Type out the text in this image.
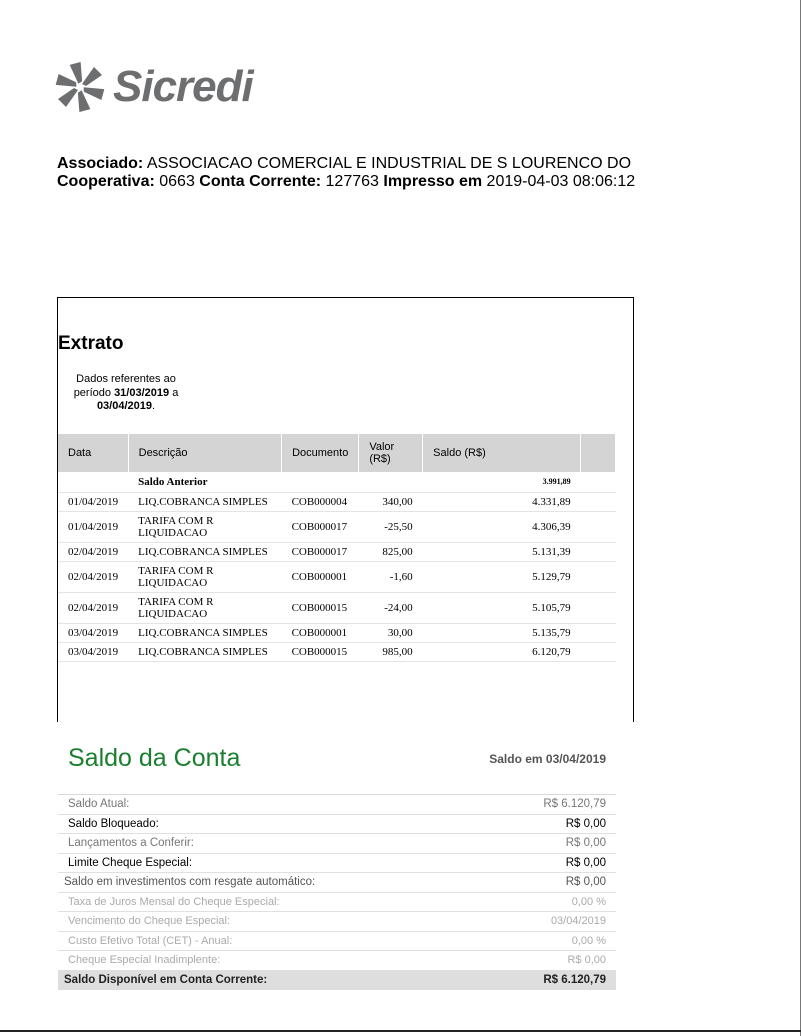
Sicredi
Associado: ASSOCIACAO COMERCIAL E INDUSTRIAL DE S LOURENCO DO
Cooperativa: 0663 Conta Corrente: 127763 Impresso em 2019-04-03 08:06:12
Extrato
Dados referentes ao período 31/03/2019 a 03/04/2019.
Data	Descrição	Documento	Valor (R$)	Saldo (R$)	
	Saldo Anterior			3.991,89	
01/04/2019	LIQ.COBRANCA SIMPLES	COB000004	340,00	4.331,89	
01/04/2019	TARIFA COM R LIQUIDACAO	COB000017	-25,50	4.306,39	
02/04/2019	LIQ.COBRANCA SIMPLES	COB000017	825,00	5.131,39	
02/04/2019	TARIFA COM R LIQUIDACAO	COB000001	-1,60	5.129,79	
02/04/2019	TARIFA COM R LIQUIDACAO	COB000015	-24,00	5.105,79	
03/04/2019	LIQ.COBRANCA SIMPLES	COB000001	30,00	5.135,79	
03/04/2019	LIQ.COBRANCA SIMPLES	COB000015	985,00	6.120,79	
Saldo da Conta	Saldo em 03/04/2019
Saldo Atual:	R$ 6.120,79
Saldo Bloqueado:	R$ 0,00
Lançamentos a Conferir:	R$ 0,00
Limite Cheque Especial:	R$ 0,00
Saldo em investimentos com resgate automático:	R$ 0,00
Taxa de Juros Mensal do Cheque Especial:	0,00 %
Vencimento do Cheque Especial:	03/04/2019
Custo Efetivo Total (CET) - Anual:	0,00 %
Cheque Especial Inadimplente:	R$ 0,00
Saldo Disponível em Conta Corrente:	R$ 6.120,79
